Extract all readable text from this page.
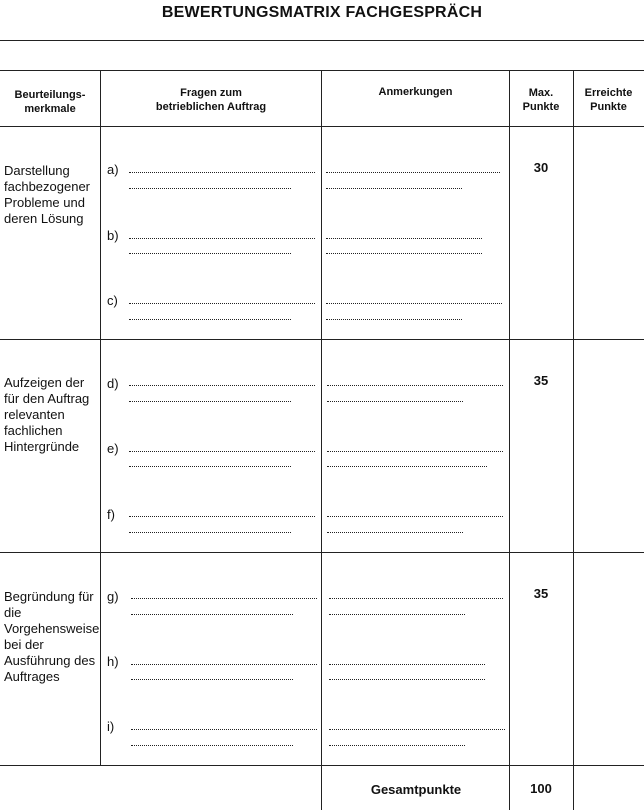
BEWERTUNGSMATRIX FACHGESPRÄCH
Beurteilungs-
merkmale
Fragen zum
betrieblichen Auftrag
Anmerkungen	Max.
Punkte
Erreichte
Punkte
Darstellung fachbezogener Probleme und deren Lösung
30
a)
b)
c)
Aufzeigen der für den Auftrag relevanten fachlichen Hintergründe
35
d)
e)
f)
Begründung für die Vorgehensweise bei der Ausführung des Auftrages
35
g)
h)
i)
Gesamtpunkte	100
